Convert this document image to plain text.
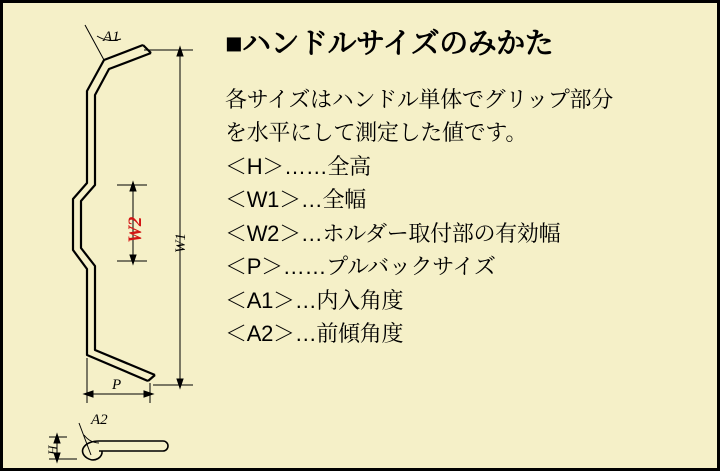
A1
A2
W1
W2
P
H
■ハンドルサイズのみかた
各サイズはハンドル単体でグリップ部分
を水平にして測定した値です。
＜H＞……全高
＜W1＞…全幅
＜W2＞…ホルダー取付部の有効幅
＜P＞……プルバックサイズ
＜A1＞…内入角度
＜A2＞…前傾角度
